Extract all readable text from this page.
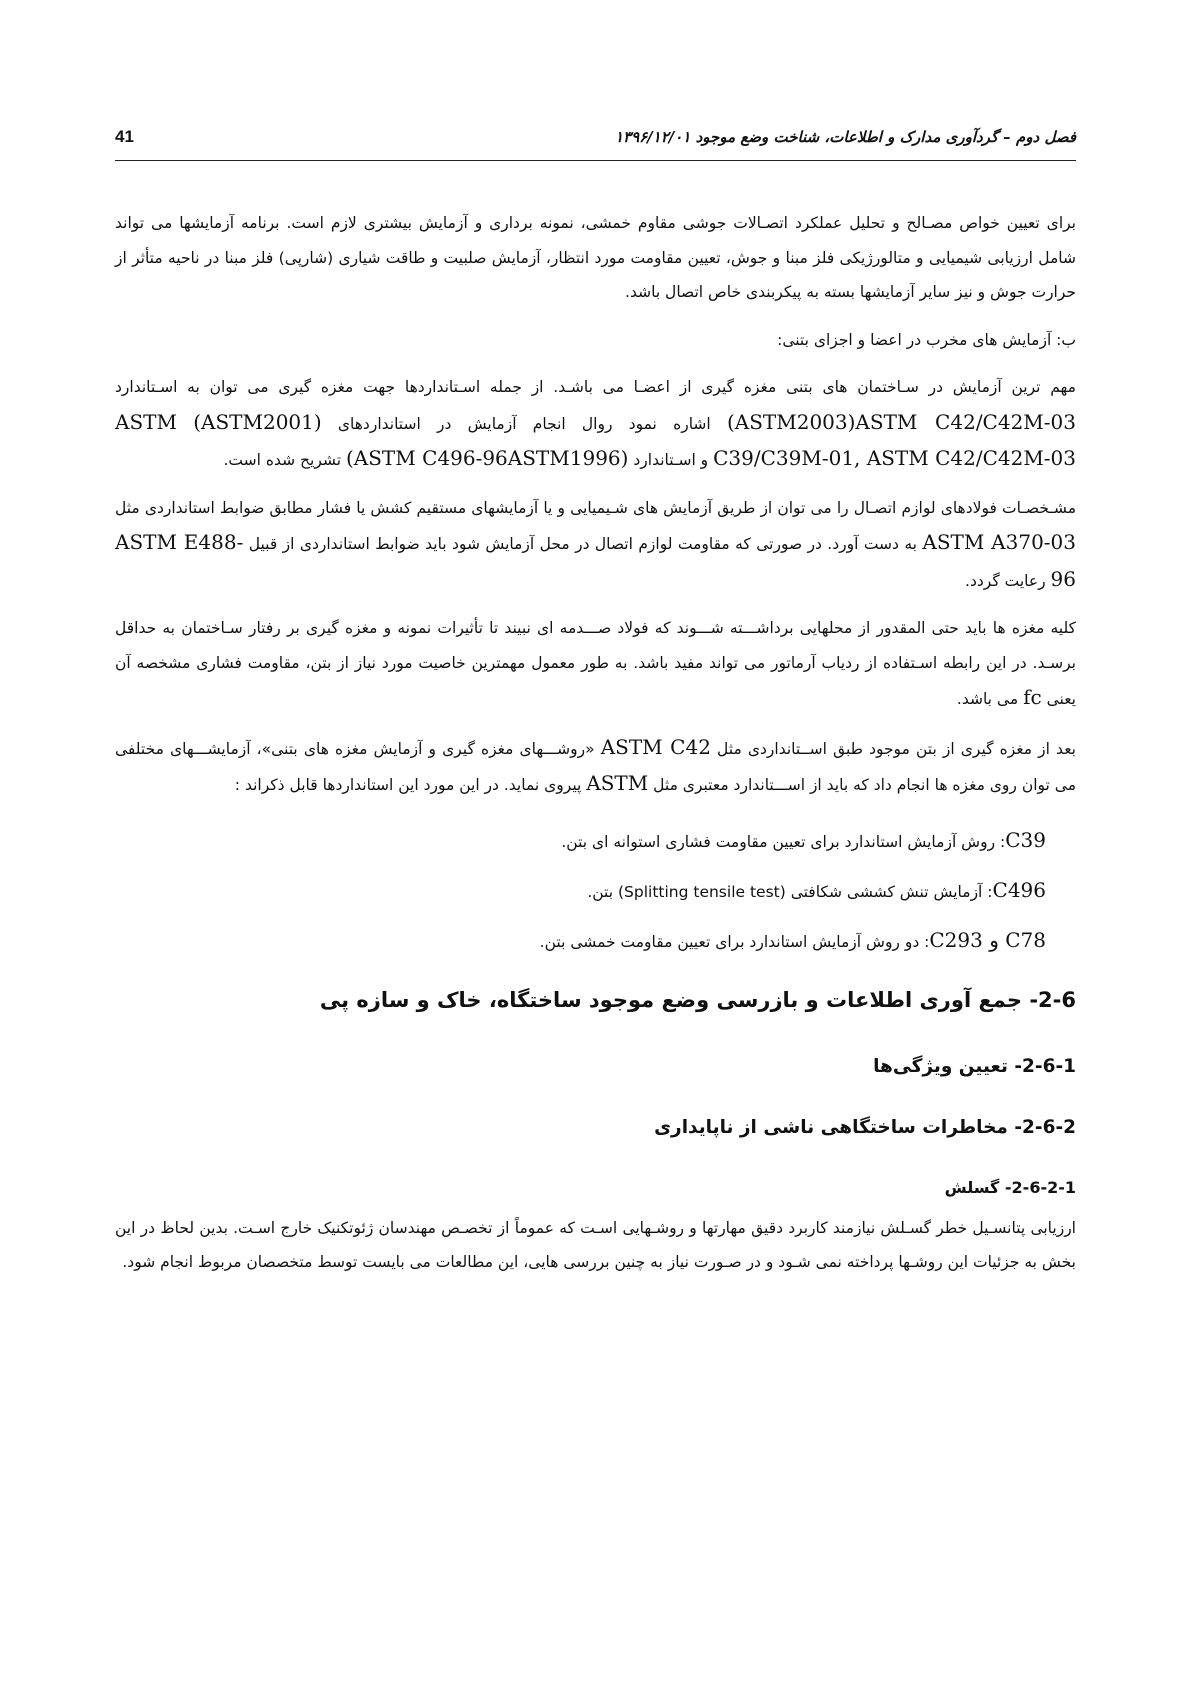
41	فصل دوم – گردآوری مدارک و اطلاعات، شناخت وضع موجود ۱۳۹۶/۱۲/۰۱

برای تعیین خواص مصـالح و تحلیل عملکرد اتصـالات جوشی مقاوم خمشی، نمونه برداری و آزمایش بیشتری لازم است. برنامه آزمایشها می تواند شامل ارزیابی شیمیایی و متالورژیکی فلز مبنا و جوش، تعیین مقاومت مورد انتظار، آزمایش صلبیت و طاقت شیاری (شارپی) فلز مبنا در ناحیه متأثر از حرارت جوش و نیز سایر آزمایشها بسته به پیکربندی خاص اتصال باشد.

ب: آزمایش های مخرب در اعضا و اجزای بتنی:

مهم ترین آزمایش در سـاختمان های بتنی مغزه گیری از اعضـا می باشـد. از جمله اسـتانداردها جهت مغزه گیری می توان به اسـتاندارد (ASTM2003)ASTM C42/C42M-03 اشاره نمود روال انجام آزمایش در استانداردهای (ASTM2001) ASTM C39/C39M-01, ASTM C42/C42M-03 و اسـتاندارد (ASTM C496-96ASTM1996) تشریح شده است.

مشـخصـات فولادهای لوازم اتصـال را می توان از طریق آزمایش های شـیمیایی و یا آزمایشهای مستقیم کشش یا فشار مطابق ضوابط استانداردی مثل ASTM A370-03 به دست آورد. در صورتی که مقاومت لوازم اتصال در محل آزمایش شود باید ضوابط استانداردی از قبیل ASTM E488-96 رعایت گردد.

کلیه مغزه ها باید حتی المقدور از محلهایی برداشـــته شـــوند که فولاد صـــدمه ای نبیند تا تأثیرات نمونه و مغزه گیری بر رفتار سـاختمان به حداقل برسـد. در این رابطه اسـتفاده از ردیاب آرماتور می تواند مفید باشد. به طور معمول مهمترین خاصیت مورد نیاز از بتن، مقاومت فشاری مشخصه آن یعنی fc می باشد.

بعد از مغزه گیری از بتن موجود طبق اســتانداردی مثل ASTM C42 «روشـــهای مغزه گیری و آزمایش مغزه های بتنی»، آزمایشـــهای مختلفی می توان روی مغزه ها انجام داد که باید از اســـتاندارد معتبری مثل ASTM پیروی نماید. در این مورد این استانداردها قابل ذکراند :

C39: روش آزمایش استاندارد برای تعیین مقاومت فشاری استوانه ای بتن.
C496: آزمایش تنش کششی شکافتی (Splitting tensile test) بتن.
C78 و C293: دو روش آزمایش استاندارد برای تعیین مقاومت خمشی بتن.
2-6- جمع آوری اطلاعات و بازرسی وضع موجود ساختگاه، خاک و سازه پی
2-6-1- تعیین ویژگی‌ها
2-6-2- مخاطرات ساختگاهی ناشی از ناپایداری
2-6-2-1- گسلش

ارزیابی پتانسـیل خطر گسـلش نیازمند کاربرد دقیق مهارتها و روشـهایی اسـت که عموماً از تخصـص مهندسان ژئوتکنیک خارج اسـت. بدین لحاظ در این بخش به جزئیات این روشـها پرداخته نمی شـود و در صـورت نیاز به چنین بررسی هایی، این مطالعات می بایست توسط متخصصان مربوط انجام شود.
